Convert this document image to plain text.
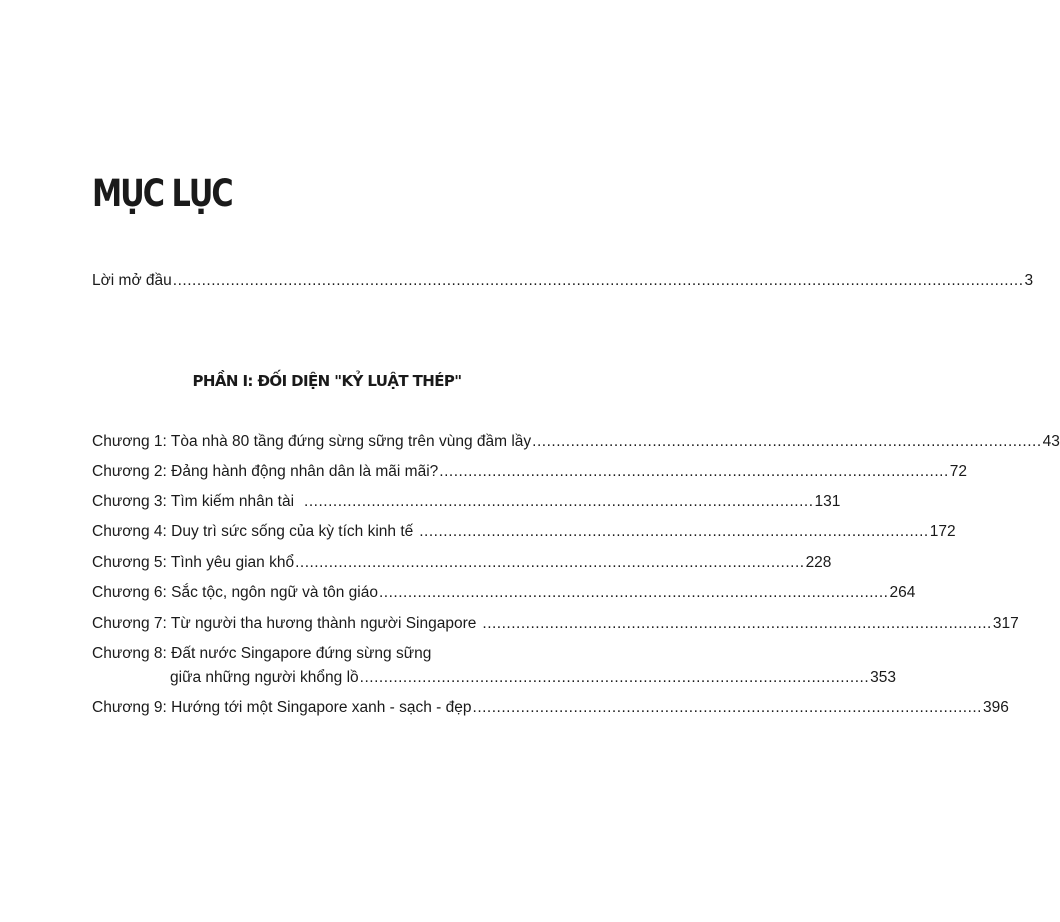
MỤC LỤC
Lời mở đầu ................................................................................................................................................................................. 3
PHẦN I: ĐỐI DIỆN "KỶ LUẬT THÉP"
Chương 1: Tòa nhà 80 tầng đứng sừng sững trên vùng đầm lầy .......................................................................................................... 43
Chương 2: Đảng hành động nhân dân là mãi mãi? .......................................................................................................... 72
Chương 3: Tìm kiếm nhân tài .......................................................................................................... 131
Chương 4: Duy trì sức sống của kỳ tích kinh tế .......................................................................................................... 172
Chương 5: Tình yêu gian khổ .......................................................................................................... 228
Chương 6: Sắc tộc, ngôn ngữ và tôn giáo .......................................................................................................... 264
Chương 7: Từ người tha hương thành người Singapore .......................................................................................................... 317
Chương 8: Đất nước Singapore đứng sừng sững
giữa những người khổng lồ .......................................................................................................... 353
Chương 9: Hướng tới một Singapore xanh - sạch - đẹp .......................................................................................................... 396
